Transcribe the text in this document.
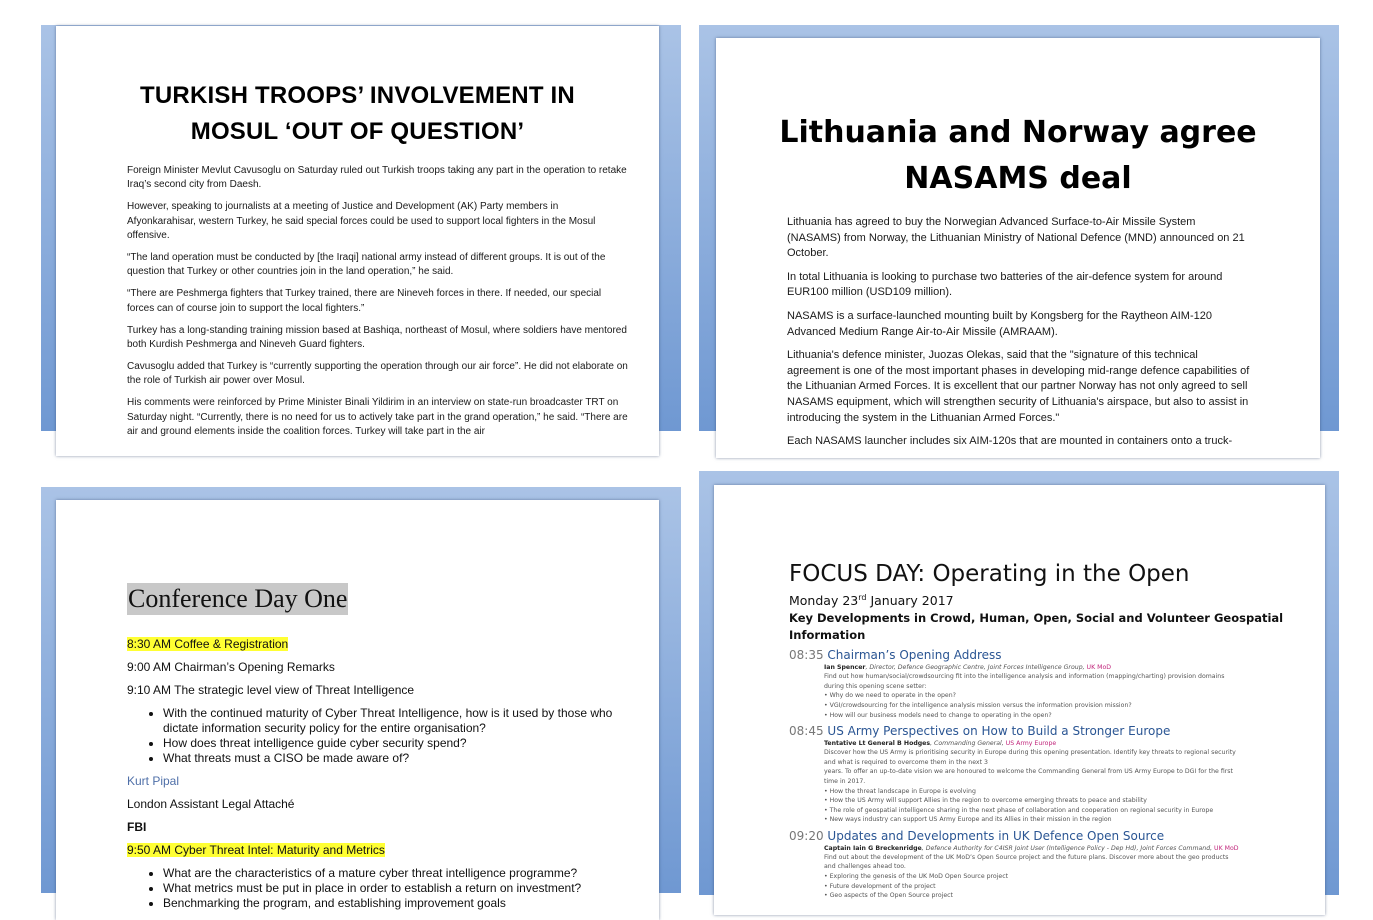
TURKISH TROOPS’ INVOLVEMENT IN
MOSUL ‘OUT OF QUESTION’

Foreign Minister Mevlut Cavusoglu on Saturday ruled out Turkish troops taking any part in the operation to retake Iraq’s second city from Daesh.

However, speaking to journalists at a meeting of Justice and Development (AK) Party members in Afyonkarahisar, western Turkey, he said special forces could be used to support local fighters in the Mosul offensive.

“The land operation must be conducted by [the Iraqi] national army instead of different groups. It is out of the question that Turkey or other countries join in the land operation,” he said.

“There are Peshmerga fighters that Turkey trained, there are Nineveh forces in there. If needed, our special forces can of course join to support the local fighters.”

Turkey has a long-standing training mission based at Bashiqa, northeast of Mosul, where soldiers have mentored both Kurdish Peshmerga and Nineveh Guard fighters.

Cavusoglu added that Turkey is “currently supporting the operation through our air force”. He did not elaborate on the role of Turkish air power over Mosul.

His comments were reinforced by Prime Minister Binali Yildirim in an interview on state-run broadcaster TRT on Saturday night. “Currently, there is no need for us to actively take part in the grand operation,” he said. “There are air and ground elements inside the coalition forces. Turkey will take part in the air

Lithuania and Norway agree
NASAMS deal

Lithuania has agreed to buy the Norwegian Advanced Surface-to-Air Missile System (NASAMS) from Norway, the Lithuanian Ministry of National Defence (MND) announced on 21 October.

In total Lithuania is looking to purchase two batteries of the air-defence system for around EUR100 million (USD109 million).

NASAMS is a surface-launched mounting built by Kongsberg for the Raytheon AIM-120 Advanced Medium Range Air-to-Air Missile (AMRAAM).

Lithuania's defence minister, Juozas Olekas, said that the "signature of this technical agreement is one of the most important phases in developing mid-range defence capabilities of the Lithuanian Armed Forces. It is excellent that our partner Norway has not only agreed to sell NASAMS equipment, which will strengthen security of Lithuania's airspace, but also to assist in introducing the system in the Lithuanian Armed Forces."

Each NASAMS launcher includes six AIM-120s that are mounted in containers onto a truck-

Conference Day One
8:30 AM Coffee & Registration
9:00 AM Chairman’s Opening Remarks
9:10 AM The strategic level view of Threat Intelligence
• With the continued maturity of Cyber Threat Intelligence, how is it used by those who dictate information security policy for the entire organisation?
• How does threat intelligence guide cyber security spend?
• What threats must a CISO be made aware of?
Kurt Pipal
London Assistant Legal Attaché
FBI
9:50 AM Cyber Threat Intel: Maturity and Metrics
• What are the characteristics of a mature cyber threat intelligence programme?
• What metrics must be put in place in order to establish a return on investment?
• Benchmarking the program, and establishing improvement goals
FOCUS DAY: Operating in the Open
Monday 23rd January 2017
Key Developments in Crowd, Human, Open, Social and Volunteer Geospatial Information
08:35 Chairman’s Opening Address
Ian Spencer, Director, Defence Geographic Centre, Joint Forces Intelligence Group, UK MoD
Find out how human/social/crowdsourcing fit into the intelligence analysis and information (mapping/charting) provision domains
during this opening scene setter:
• Why do we need to operate in the open?
• VGI/crowdsourcing for the intelligence analysis mission versus the information provision mission?
• How will our business models need to change to operating in the open?
08:45 US Army Perspectives on How to Build a Stronger Europe
Tentative Lt General B Hodges, Commanding General, US Army Europe
Discover how the US Army is prioritising security in Europe during this opening presentation. Identify key threats to regional security
and what is required to overcome them in the next 3
years. To offer an up-to-date vision we are honoured to welcome the Commanding General from US Army Europe to DGI for the first
time in 2017.
• How the threat landscape in Europe is evolving
• How the US Army will support Allies in the region to overcome emerging threats to peace and stability
• The role of geospatial intelligence sharing in the next phase of collaboration and cooperation on regional security in Europe
• New ways industry can support US Army Europe and its Allies in their mission in the region
09:20 Updates and Developments in UK Defence Open Source
Captain Iain G Breckenridge, Defence Authority for C4ISR Joint User (Intelligence Policy - Dep Hd), Joint Forces Command, UK MoD
Find out about the development of the UK MoD’s Open Source project and the future plans. Discover more about the geo products
and challenges ahead too.
• Exploring the genesis of the UK MoD Open Source project
• Future development of the project
• Geo aspects of the Open Source project
